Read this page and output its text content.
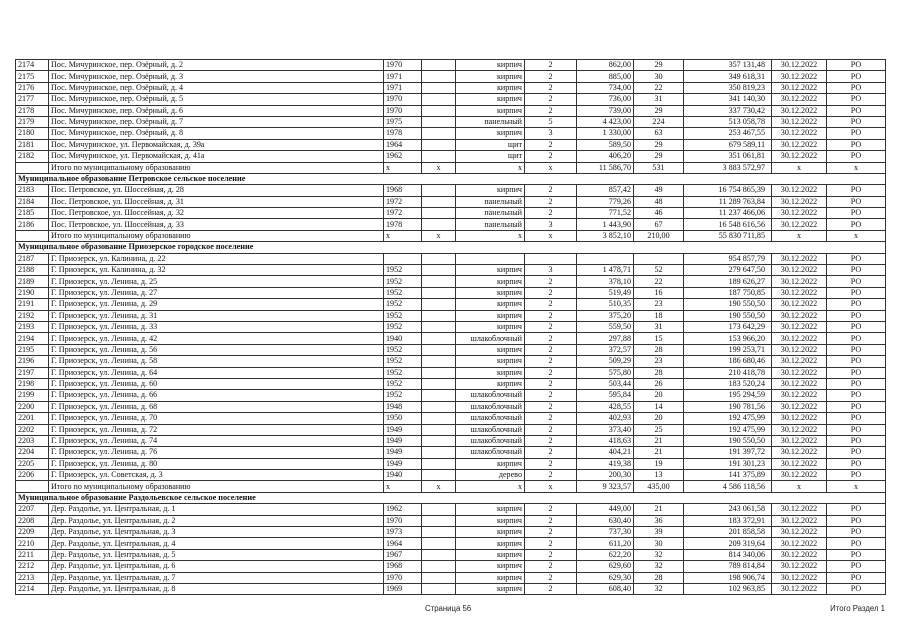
2174	Пос. Мичуринское, пер. Озёрный, д. 2	1970		кирпич	2	862,00	29	357 131,48	30.12.2022	РО
2175	Пос. Мичуринское, пер. Озёрный, д. 3	1971		кирпич	2	885,00	30	349 618,31	30.12.2022	РО
2176	Пос. Мичуринское, пер. Озёрный, д. 4	1971		кирпич	2	734,00	22	350 819,23	30.12.2022	РО
2177	Пос. Мичуринское, пер. Озёрный, д. 5	1970		кирпич	2	736,00	31	341 140,30	30.12.2022	РО
2178	Пос. Мичуринское, пер. Озёрный, д. 6	1970		кирпич	2	739,00	29	337 730,42	30.12.2022	РО
2179	Пос. Мичуринское, пер. Озёрный, д. 7	1975		панельный	5	4 423,00	224	513 058,78	30.12.2022	РО
2180	Пос. Мичуринское, пер. Озёрный, д. 8	1978		кирпич	3	1 330,00	63	253 467,55	30.12.2022	РО
2181	Пос. Мичуринское, ул. Первомайская, д. 39а	1964		щит	2	589,50	29	679 589,11	30.12.2022	РО
2182	Пос. Мичуринское, ул. Первомайская, д. 41а	1962		щит	2	406,20	29	351 061,81	30.12.2022	РО
	Итого по муниципальному образованию	x	x	x	x	11 586,70	531	3 883 572,97	x	x
Муниципальное образование Петровское сельское поселение										
2183	Пос. Петровское, ул. Шоссейная, д. 28	1968		кирпич	2	857,42	49	16 754 865,39	30.12.2022	РО
2184	Пос. Петровское, ул. Шоссейная, д. 31	1972		панельный	2	779,26	48	11 289 763,84	30.12.2022	РО
2185	Пос. Петровское, ул. Шоссейная, д. 32	1972		панельный	2	771,52	46	11 237 466,06	30.12.2022	РО
2186	Пос. Петровское, ул. Шоссейная, д. 33	1978		панельный	3	1 443,90	67	16 548 616,56	30.12.2022	РО
	Итого по муниципальному образованию	x	x	x	x	3 852,10	210,00	55 830 711,85	x	x
Муниципальное образование Приозерское городское поселение										
2187	Г. Приозерск, ул. Калинина, д. 22							954 857,79	30.12.2022	РО
2188	Г. Приозерск, ул. Калинина, д. 32	1952		кирпич	3	1 478,71	52	279 647,50	30.12.2022	РО
2189	Г. Приозерск, ул. Ленина, д. 25	1952		кирпич	2	378,10	22	189 626,27	30.12.2022	РО
2190	Г. Приозерск, ул. Ленина, д. 27	1952		кирпич	2	519,49	16	187 750,85	30.12.2022	РО
2191	Г. Приозерск, ул. Ленина, д. 29	1952		кирпич	2	510,35	23	190 550,50	30.12.2022	РО
2192	Г. Приозерск, ул. Ленина, д. 31	1952		кирпич	2	375,20	18	190 550,50	30.12.2022	РО
2193	Г. Приозерск, ул. Ленина, д. 33	1952		кирпич	2	559,50	31	173 642,29	30.12.2022	РО
2194	Г. Приозерск, ул. Ленина, д. 42	1940		шлакоблочный	2	297,88	15	153 966,20	30.12.2022	РО
2195	Г. Приозерск, ул. Ленина, д. 56	1952		кирпич	2	372,57	28	199 253,71	30.12.2022	РО
2196	Г. Приозерск, ул. Ленина, д. 58	1952		кирпич	2	509,29	23	186 680,46	30.12.2022	РО
2197	Г. Приозерск, ул. Ленина, д. 64	1952		кирпич	2	575,80	28	210 418,78	30.12.2022	РО
2198	Г. Приозерск, ул. Ленина, д. 60	1952		кирпич	2	503,44	26	183 520,24	30.12.2022	РО
2199	Г. Приозерск, ул. Ленина, д. 66	1952		шлакоблочный	2	595,84	20	195 294,59	30.12.2022	РО
2200	Г. Приозерск, ул. Ленина, д. 68	1948		шлакоблочный	2	428,55	14	190 781,56	30.12.2022	РО
2201	Г. Приозерск, ул. Ленина, д. 70	1950		шлакоблочный	2	402,93	20	192 475,99	30.12.2022	РО
2202	Г. Приозерск, ул. Ленина, д. 72	1949		шлакоблочный	2	373,40	25	192 475,99	30.12.2022	РО
2203	Г. Приозерск, ул. Ленина, д. 74	1949		шлакоблочный	2	418,63	21	190 550,50	30.12.2022	РО
2204	Г. Приозерск, ул. Ленина, д. 76	1949		шлакоблочный	2	404,21	21	191 397,72	30.12.2022	РО
2205	Г. Приозерск, ул. Ленина, д. 80	1949		кирпич	2	419,38	19	191 301,23	30.12.2022	РО
2206	Г. Приозерск, ул. Советская, д. 3	1940		дерево	2	200,30	13	141 375,89	30.12.2022	РО
	Итого по муниципальному образованию	x	x	x	x	9 323,57	435,00	4 586 118,56	x	x
Муниципальное образование Раздольевское сельское поселение										
2207	Дер. Раздолье, ул. Центральная, д. 1	1962		кирпич	2	449,00	21	243 061,58	30.12.2022	РО
2208	Дер. Раздолье, ул. Центральная, д. 2	1970		кирпич	2	630,40	36	183 372,91	30.12.2022	РО
2209	Дер. Раздолье, ул. Центральная, д. 3	1973		кирпич	2	737,30	39	201 858,58	30.12.2022	РО
2210	Дер. Раздолье, ул. Центральная, д. 4	1964		кирпич	2	611,20	30	209 319,64	30.12.2022	РО
2211	Дер. Раздолье, ул. Центральная, д. 5	1967		кирпич	2	622,20	32	814 340,06	30.12.2022	РО
2212	Дер. Раздолье, ул. Центральная, д. 6	1968		кирпич	2	629,60	32	789 814,84	30.12.2022	РО
2213	Дер. Раздолье, ул. Центральная, д. 7	1970		кирпич	2	629,30	28	198 906,74	30.12.2022	РО
2214	Дер. Раздолье, ул. Центральная, д. 8	1969		кирпич	2	608,40	32	102 963,85	30.12.2022	РО
Страница 56	Итого Раздел 1
